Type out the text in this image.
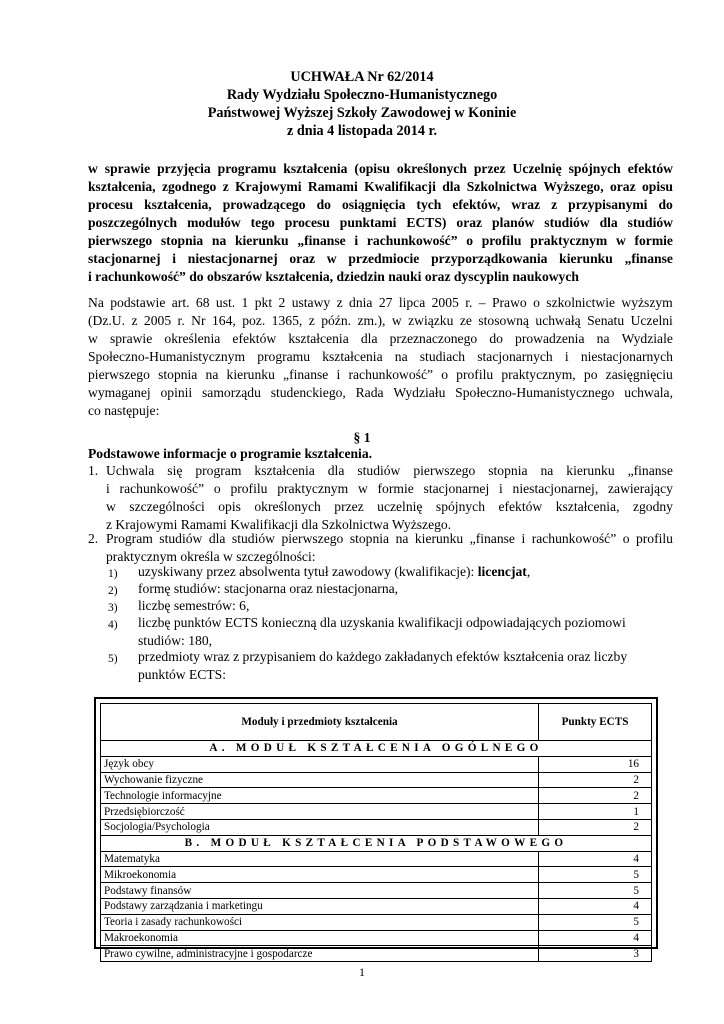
UCHWAŁA Nr 62/2014
Rady Wydziału Społeczno-Humanistycznego
Państwowej Wyższej Szkoły Zawodowej w Koninie
z dnia 4 listopada 2014 r.
w sprawie przyjęcia programu kształcenia (opisu określonych przez Uczelnię spójnych efektów
kształcenia, zgodnego z Krajowymi Ramami Kwalifikacji dla Szkolnictwa Wyższego, oraz opisu
procesu kształcenia, prowadzącego do osiągnięcia tych efektów, wraz z przypisanymi do
poszczególnych modułów tego procesu punktami ECTS) oraz planów studiów dla studiów
pierwszego stopnia na kierunku „finanse i rachunkowość” o profilu praktycznym w formie
stacjonarnej i niestacjonarnej oraz w przedmiocie przyporządkowania kierunku „finanse
i rachunkowość” do obszarów kształcenia, dziedzin nauki oraz dyscyplin naukowych
Na podstawie art. 68 ust. 1 pkt 2 ustawy z dnia 27 lipca 2005 r. – Prawo o szkolnictwie wyższym
(Dz.U. z 2005 r. Nr 164, poz. 1365, z późn. zm.), w związku ze stosowną uchwałą Senatu Uczelni
w sprawie określenia efektów kształcenia dla przeznaczonego do prowadzenia na Wydziale
Społeczno-Humanistycznym programu kształcenia na studiach stacjonarnych i niestacjonarnych
pierwszego stopnia na kierunku „finanse i rachunkowość” o profilu praktycznym, po zasięgnięciu
wymaganej opinii samorządu studenckiego, Rada Wydziału Społeczno-Humanistycznego uchwala,
co następuje:
§ 1
Podstawowe informacje o programie kształcenia.
1. Uchwala się program kształcenia dla studiów pierwszego stopnia na kierunku „finanse
i rachunkowość” o profilu praktycznym w formie stacjonarnej i niestacjonarnej, zawierający
w szczególności opis określonych przez uczelnię spójnych efektów kształcenia, zgodny
z Krajowymi Ramami Kwalifikacji dla Szkolnictwa Wyższego.
2. Program studiów dla studiów pierwszego stopnia na kierunku „finanse i rachunkowość” o profilu
praktycznym określa w szczególności:
1) uzyskiwany przez absolwenta tytuł zawodowy (kwalifikacje): licencjat,
2) formę studiów: stacjonarna oraz niestacjonarna,
3) liczbę semestrów: 6,
4) liczbę punktów ECTS konieczną dla uzyskania kwalifikacji odpowiadających poziomowi
studiów: 180,
5) przedmioty wraz z przypisaniem do każdego zakładanych efektów kształcenia oraz liczby
punktów ECTS:
Moduły i przedmioty kształcenia	Punkty ECTS
A. MODUŁ KSZTAŁCENIA OGÓLNEGO	
Język obcy	16
Wychowanie fizyczne	2
Technologie informacyjne	2
Przedsiębiorczość	1
Socjologia/Psychologia	2
B. MODUŁ KSZTAŁCENIA PODSTAWOWEGO	
Matematyka	4
Mikroekonomia	5
Podstawy finansów	5
Podstawy zarządzania i marketingu	4
Teoria i zasady rachunkowości	5
Makroekonomia	4
Prawo cywilne, administracyjne i gospodarcze	3
1
